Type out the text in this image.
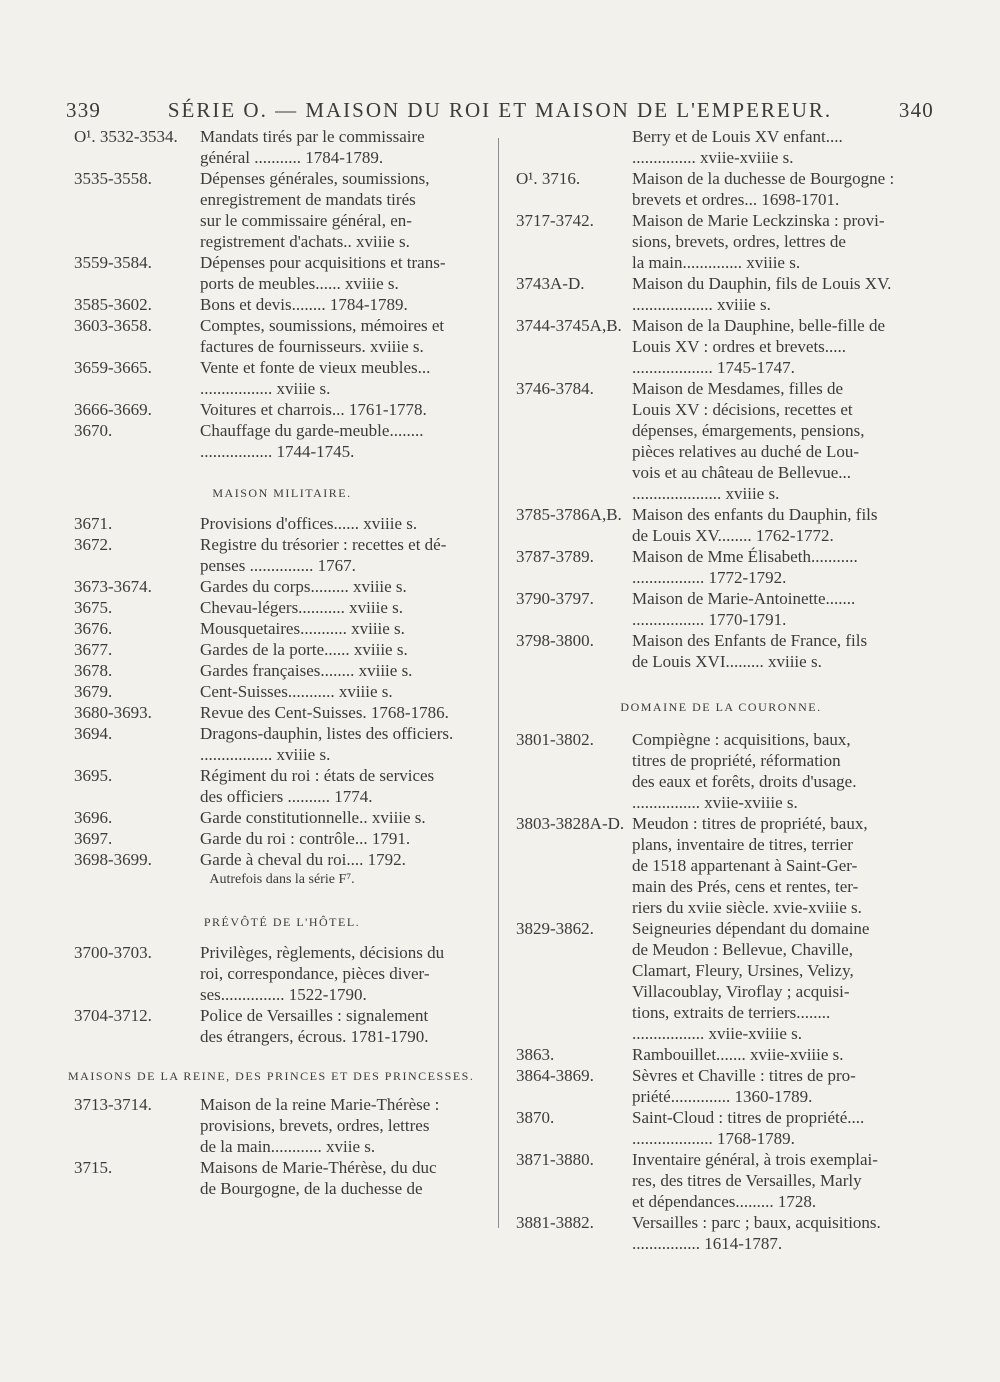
339	SÉRIE O. — MAISON DU ROI ET MAISON DE L'EMPEREUR.	340
O¹. 3532-3534.	Mandats tirés par le commissaire
général ........... 1784-1789.
3535-3558.	Dépenses générales, soumissions,
enregistrement de mandats tirés
sur le commissaire général, en-
registrement d'achats.. xviiie s.
3559-3584.	Dépenses pour acquisitions et trans-
ports de meubles...... xviiie s.
3585-3602.	Bons et devis........ 1784-1789.
3603-3658.	Comptes, soumissions, mémoires et
factures de fournisseurs. xviiie s.
3659-3665.	Vente et fonte de vieux meubles...
................. xviiie s.
3666-3669.	Voitures et charrois... 1761-1778.
3670.	Chauffage du garde-meuble........
................. 1744-1745.
MAISON MILITAIRE.
3671.	Provisions d'offices...... xviiie s.
3672.	Registre du trésorier : recettes et dé-
penses ............... 1767.
3673-3674.	Gardes du corps......... xviiie s.
3675.	Chevau-légers........... xviiie s.
3676.	Mousquetaires........... xviiie s.
3677.	Gardes de la porte...... xviiie s.
3678.	Gardes françaises........ xviiie s.
3679.	Cent-Suisses........... xviiie s.
3680-3693.	Revue des Cent-Suisses. 1768-1786.
3694.	Dragons-dauphin, listes des officiers.
................. xviiie s.
3695.	Régiment du roi : états de services
des officiers .......... 1774.
3696.	Garde constitutionnelle.. xviiie s.
3697.	Garde du roi : contrôle... 1791.
3698-3699.	Garde à cheval du roi.... 1792.
Autrefois dans la série F⁷.
PRÉVÔTÉ DE L'HÔTEL.
3700-3703.	Privilèges, règlements, décisions du
roi, correspondance, pièces diver-
ses............... 1522-1790.
3704-3712.	Police de Versailles : signalement
des étrangers, écrous. 1781-1790.
MAISONS DE LA REINE, DES PRINCES ET DES PRINCESSES.
3713-3714.	Maison de la reine Marie-Thérèse :
provisions, brevets, ordres, lettres
de la main............ xviie s.
3715.	Maisons de Marie-Thérèse, du duc
de Bourgogne, de la duchesse de
Berry et de Louis XV enfant....
............... xviie-xviiie s.
O¹. 3716.	Maison de la duchesse de Bourgogne :
brevets et ordres... 1698-1701.
3717-3742.	Maison de Marie Leckzinska : provi-
sions, brevets, ordres, lettres de
la main.............. xviiie s.
3743A-D.	Maison du Dauphin, fils de Louis XV.
................... xviiie s.
3744-3745A,B. Maison de la Dauphine, belle-fille de
Louis XV : ordres et brevets.....
................... 1745-1747.
3746-3784.	Maison de Mesdames, filles de
Louis XV : décisions, recettes et
dépenses, émargements, pensions,
pièces relatives au duché de Lou-
vois et au château de Bellevue...
..................... xviiie s.
3785-3786A,B. Maison des enfants du Dauphin, fils
de Louis XV........ 1762-1772.
3787-3789.	Maison de Mme Élisabeth...........
................. 1772-1792.
3790-3797.	Maison de Marie-Antoinette.......
................. 1770-1791.
3798-3800.	Maison des Enfants de France, fils
de Louis XVI......... xviiie s.
DOMAINE DE LA COURONNE.
3801-3802.	Compiègne : acquisitions, baux,
titres de propriété, réformation
des eaux et forêts, droits d'usage.
................ xviie-xviiie s.
3803-3828A-D. Meudon : titres de propriété, baux,
plans, inventaire de titres, terrier
de 1518 appartenant à Saint-Ger-
main des Prés, cens et rentes, ter-
riers du xviie siècle. xvie-xviiie s.
3829-3862.	Seigneuries dépendant du domaine
de Meudon : Bellevue, Chaville,
Clamart, Fleury, Ursines, Velizy,
Villacoublay, Viroflay ; acquisi-
tions, extraits de terriers........
................. xviie-xviiie s.
3863.	Rambouillet....... xviie-xviiie s.
3864-3869.	Sèvres et Chaville : titres de pro-
priété.............. 1360-1789.
3870.	Saint-Cloud : titres de propriété....
................... 1768-1789.
3871-3880.	Inventaire général, à trois exemplai-
res, des titres de Versailles, Marly
et dépendances......... 1728.
3881-3882.	Versailles : parc ; baux, acquisitions.
................ 1614-1787.
